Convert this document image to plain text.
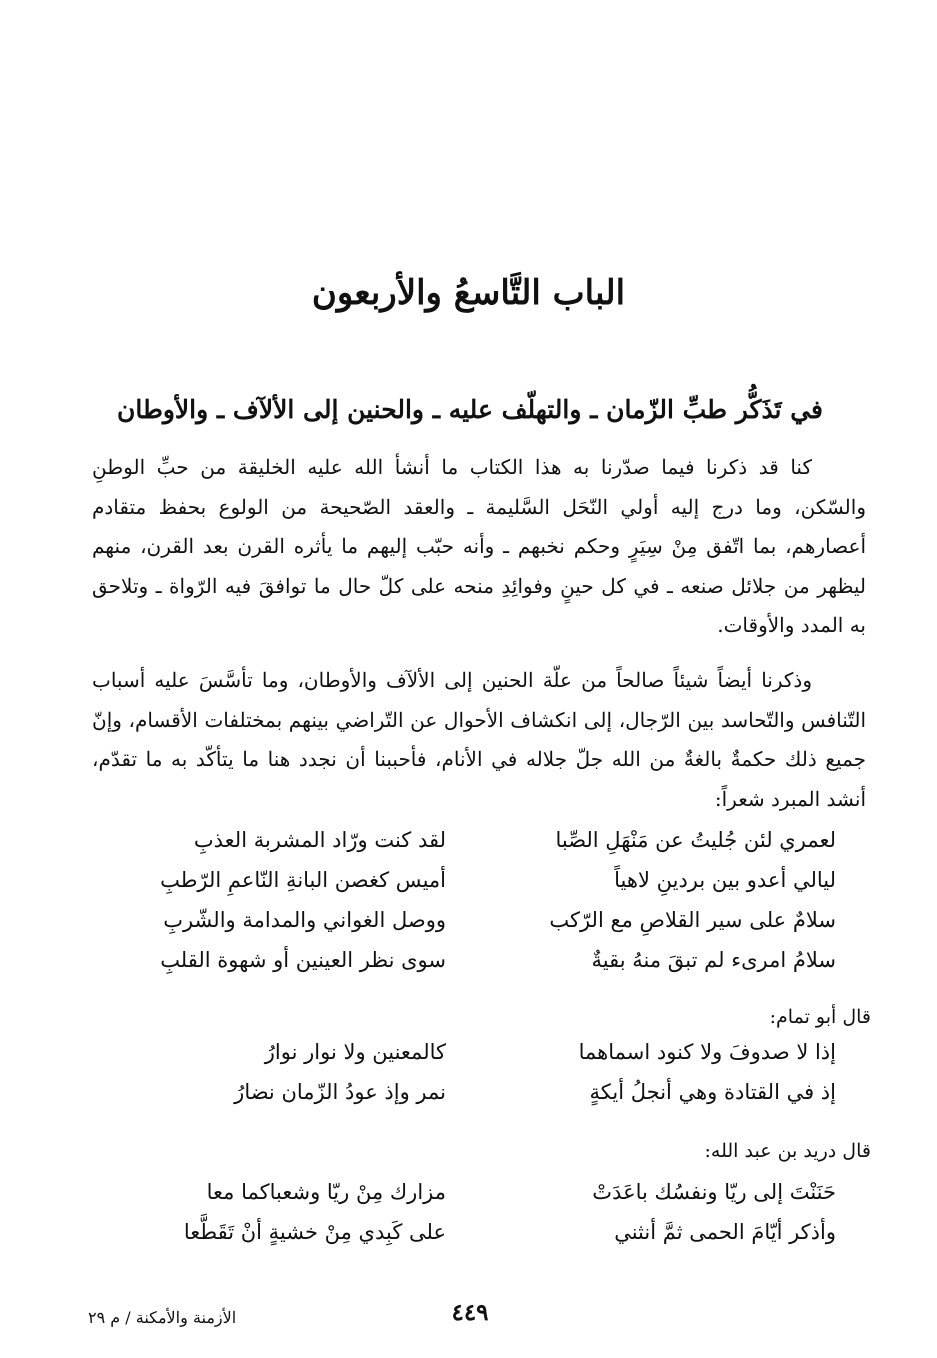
الباب التَّاسعُ والأربعون
في تَذَكُّر طبِّ الزّمان ـ والتهلّف عليه ـ والحنين إلى الألآف ـ والأوطان

كنا قد ذكرنا فيما صدّرنا به هذا الكتاب ما أنشأ الله عليه الخليقة من حبِّ الوطنِ والسّكن، وما درج إليه أولي النّحَل السَّليمة ـ والعقد الصّحيحة من الولوع بحفظ متقادم أعصارهم، بما اتّفق مِنْ سِيَرٍ وحكم نخبهم ـ وأنه حبّب إليهم ما يأثره القرن بعد القرن، منهم ليظهر من جلائل صنعه ـ في كل حينٍ وفوائِدِ منحه على كلّ حال ما توافقَ فيه الرّواة ـ وتلاحق به المدد والأوقات.

وذكرنا أيضاً شيئاً صالحاً من علّة الحنين إلى الألآف والأوطان، وما تأسَّسَ عليه أسباب التّنافس والتّحاسد بين الرّجال، إلى انكشاف الأحوال عن التّراضي بينهم بمختلفات الأقسام، وإنّ جميع ذلك حكمةٌ بالغةٌ من الله جلّ جلاله في الأنام، فأحببنا أن نجدد هنا ما يتأكّد به ما تقدّم، أنشد المبرد شعراً:

لعمري لئن جُليتُ عن مَنْهَلِ الصِّبا
لقد كنت ورّاد المشربة العذبِ
ليالي أعدو بين بردينِ لاهياً
أميس كغصن البانةِ النّاعمِ الرّطبِ
سلامٌ على سير القلاصِ مع الرّكب
ووصل الغواني والمدامة والشّربِ
سلامُ امرىء لم تبقَ منهُ بقيةٌ
سوى نظر العينين أو شهوة القلبِ
قال أبو تمام:
إذا لا صدوفَ ولا كنود اسماهما
كالمعنين ولا نوار نوارُ
إذ في القتادة وهي أنجلُ أيكةٍ
نمر وإذ عودُ الزّمان نضارُ
قال دريد بن عبد الله:
حَنَنْتَ إلى ريّا ونفسُك باعَدَتْ
مزارك مِنْ ريّا وشعباكما معا
وأذكر أيّامَ الحمى ثمَّ أنثني
على كَبِدي مِنْ خشيةٍ أنْ تَقَطَّعا
الأزمنة والأمكنة / م ٢٩	٤٤٩
